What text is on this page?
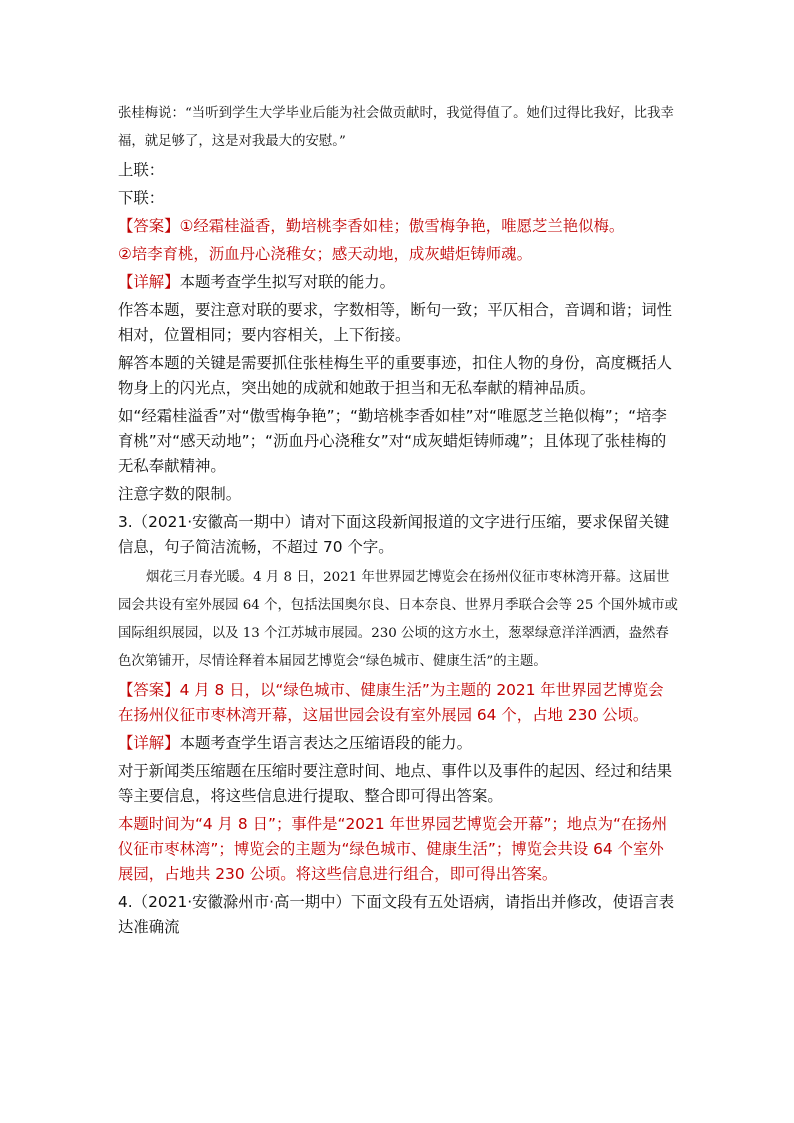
张桂梅说：“当听到学生大学毕业后能为社会做贡献时，我觉得值了。她们过得比我好，比我幸福，就足够了，这是对我最大的安慰。”

上联：

下联：

【答案】①经霜桂溢香，勤培桃李香如桂；傲雪梅争艳，唯愿芝兰艳似梅。

②培李育桃，沥血丹心浇稚女；感天动地，成灰蜡炬铸师魂。

【详解】本题考查学生拟写对联的能力。

作答本题，要注意对联的要求，字数相等，断句一致；平仄相合，音调和谐；词性相对，位置相同；要内容相关，上下衔接。

解答本题的关键是需要抓住张桂梅生平的重要事迹，扣住人物的身份，高度概括人物身上的闪光点，突出她的成就和她敢于担当和无私奉献的精神品质。

如“经霜桂溢香”对“傲雪梅争艳”；“勤培桃李香如桂”对“唯愿芝兰艳似梅”；“培李育桃”对“感天动地”；“沥血丹心浇稚女”对“成灰蜡炬铸师魂”；且体现了张桂梅的无私奉献精神。

注意字数的限制。

3.（2021·安徽高一期中）请对下面这段新闻报道的文字进行压缩，要求保留关键信息，句子简洁流畅，不超过 70 个字。

烟花三月春光暖。4 月 8 日，2021 年世界园艺博览会在扬州仪征市枣林湾开幕。这届世园会共设有室外展园 64 个，包括法国奥尔良、日本奈良、世界月季联合会等 25 个国外城市或国际组织展园，以及 13 个江苏城市展园。230 公顷的这方水土，葱翠绿意洋洋洒洒，盎然春色次第铺开，尽情诠释着本届园艺博览会“绿色城市、健康生活”的主题。

【答案】4 月 8 日，以“绿色城市、健康生活”为主题的 2021 年世界园艺博览会在扬州仪征市枣林湾开幕，这届世园会设有室外展园 64 个，占地 230 公顷。

【详解】本题考查学生语言表达之压缩语段的能力。

对于新闻类压缩题在压缩时要注意时间、地点、事件以及事件的起因、经过和结果等主要信息，将这些信息进行提取、整合即可得出答案。

本题时间为“4 月 8 日”；事件是“2021 年世界园艺博览会开幕”；地点为“在扬州仪征市枣林湾”；博览会的主题为“绿色城市、健康生活”；博览会共设 64 个室外展园，占地共 230 公顷。将这些信息进行组合，即可得出答案。

4.（2021·安徽滁州市·高一期中）下面文段有五处语病，请指出并修改，使语言表达准确流
